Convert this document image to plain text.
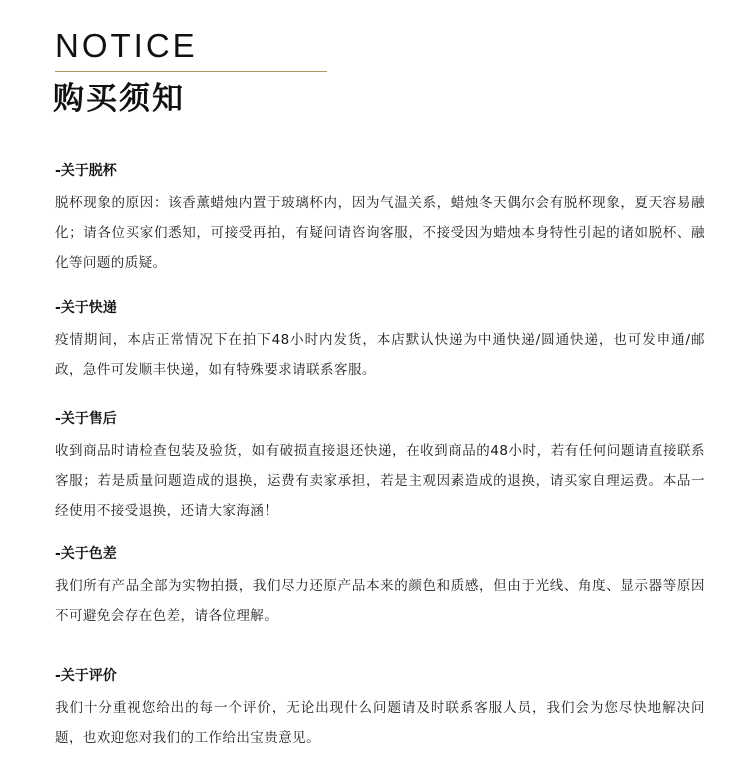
NOTICE
购买须知

-关于脱杯

脱杯现象的原因：该香薰蜡烛内置于玻璃杯内，因为气温关系，蜡烛冬天偶尔会有脱杯现象，夏天容易融化；请各位买家们悉知，可接受再拍，有疑问请咨询客服，不接受因为蜡烛本身特性引起的诸如脱杯、融化等问题的质疑。

-关于快递

疫情期间，本店正常情况下在拍下48小时内发货，本店默认快递为中通快递/圆通快递，也可发申通/邮政，急件可发顺丰快递，如有特殊要求请联系客服。

-关于售后

收到商品时请检查包装及验货，如有破损直接退还快递，在收到商品的48小时，若有任何问题请直接联系客服；若是质量问题造成的退换，运费有卖家承担，若是主观因素造成的退换，请买家自理运费。本品一经使用不接受退换，还请大家海涵！

-关于色差

我们所有产品全部为实物拍摄，我们尽力还原产品本来的颜色和质感，但由于光线、角度、显示器等原因不可避免会存在色差，请各位理解。

-关于评价

我们十分重视您给出的每一个评价，无论出现什么问题请及时联系客服人员，我们会为您尽快地解决问题，也欢迎您对我们的工作给出宝贵意见。
